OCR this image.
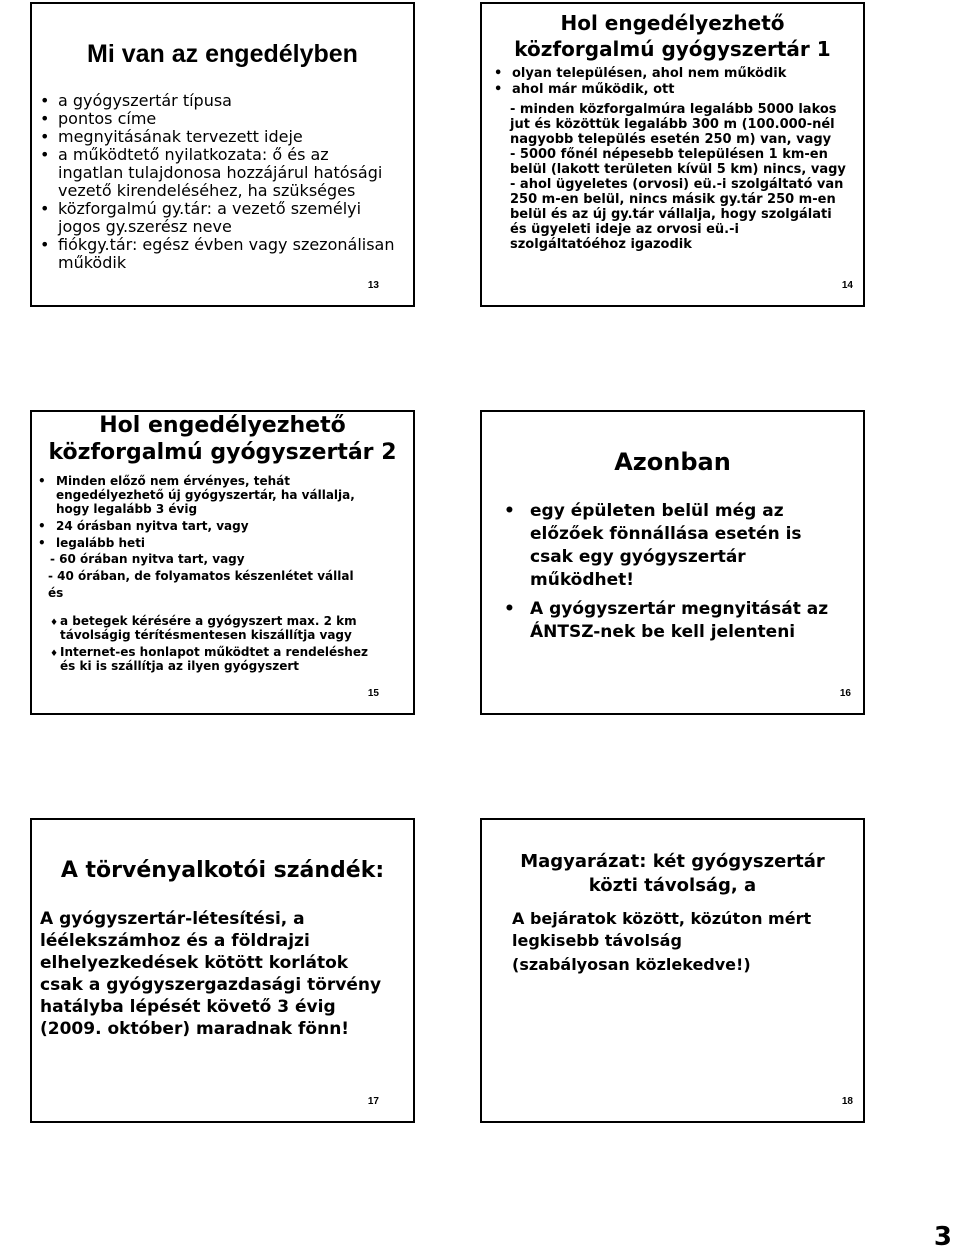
Mi van az engedélyben
• a gyógyszertár típusa
• pontos címe
• megnyitásának tervezett ideje
• a működtető nyilatkozata: ő és az ingatlan tulajdonosa hozzájárul hatósági vezető kirendeléséhez, ha szükséges
• közforgalmú gy.tár: a vezető személyi jogos gy.szerész neve
• fiókgy.tár: egész évben vagy szezonálisan működik
13
Hol engedélyezhető közforgalmú gyógyszertár 1
• olyan településen, ahol nem működik
• ahol már működik, ott
- minden közforgalmúra legalább 5000 lakos jut és közöttük legalább 300 m (100.000-nél nagyobb település esetén 250 m) van, vagy
- 5000 főnél népesebb településen 1 km-en belül (lakott területen kívül 5 km) nincs, vagy
- ahol ügyeletes (orvosi) eü.-i szolgáltató van 250 m-en belül, nincs másik gy.tár 250 m-en belül és az új gy.tár vállalja, hogy szolgálati és ügyeleti ideje az orvosi eü.-i szolgáltatóéhoz igazodik
14
Hol engedélyezhető közforgalmú gyógyszertár 2
• Minden előző nem érvényes, tehát engedélyezhető új gyógyszertár, ha vállalja, hogy legalább 3 évig
• 24 órásban nyitva tart, vagy
• legalább heti
- 60 órában nyitva tart, vagy
- 40 órában, de folyamatos készenlétet vállal
és
♦ a betegek kérésére a gyógyszert max. 2 km távolságig térítésmentesen kiszállítja vagy
♦ Internet-es honlapot működtet a rendeléshez és ki is szállítja az ilyen gyógyszert
15
Azonban
• egy épületen belül még az előzőek fönnállása esetén is csak egy gyógyszertár működhet!
• A gyógyszertár megnyitását az ÁNTSZ-nek be kell jelenteni
16
A törvényalkotói szándék:

A gyógyszertár-létesítési, a léélekszámhoz és a földrajzi elhelyezkedések kötött korlátok csak a gyógyszergazdasági törvény hatályba lépését követő 3 évig (2009. október) maradnak fönn!

17
Magyarázat: két gyógyszertár közti távolság, a
A bejáratok között, közúton mért legkisebb távolság
(szabályosan közlekedve!)
18
3
